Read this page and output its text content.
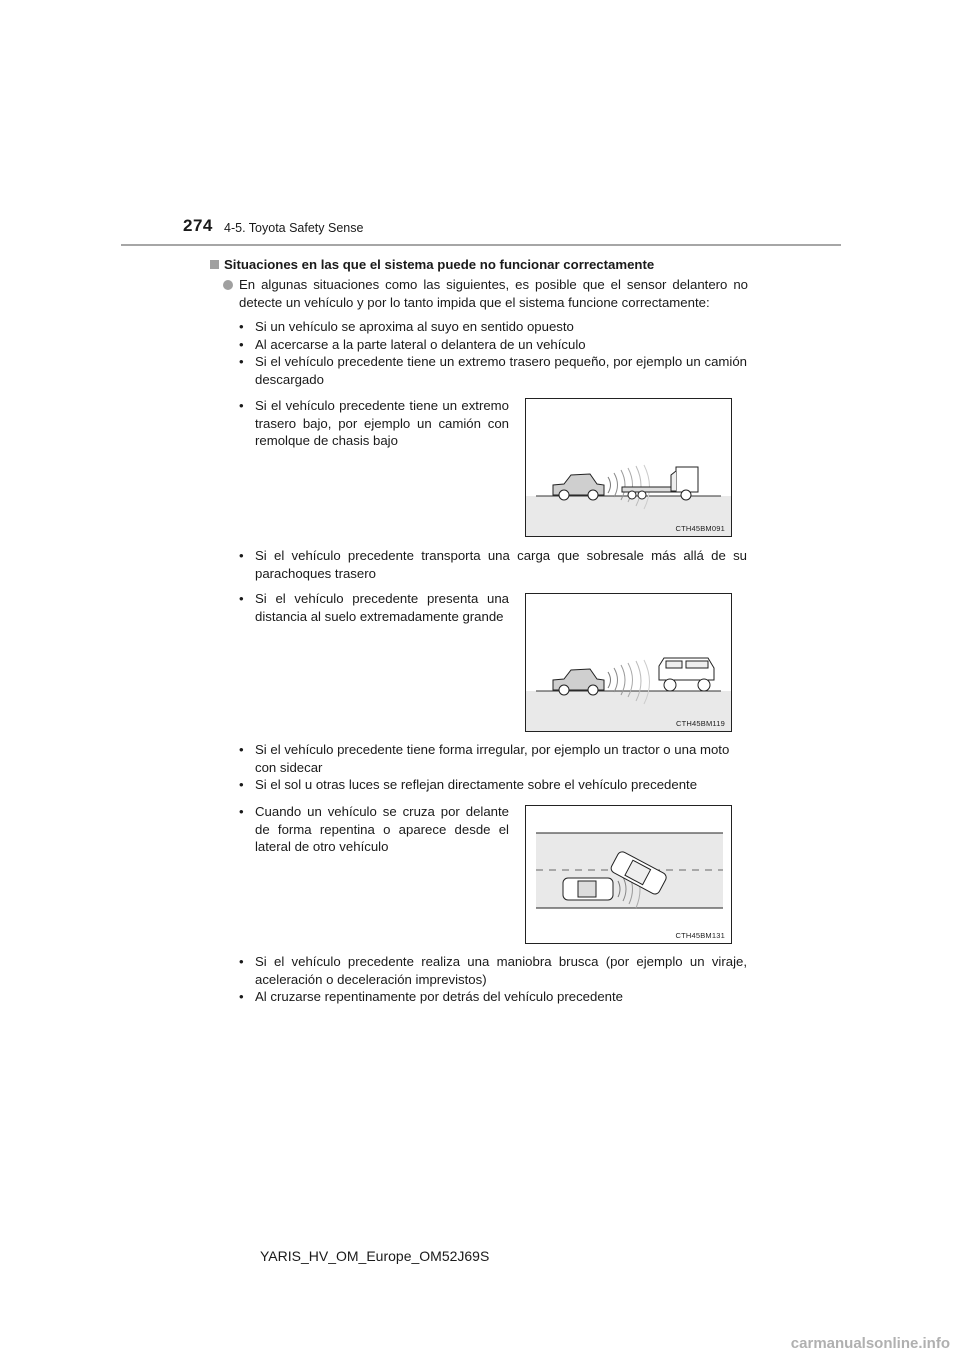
274 4-5. Toyota Safety Sense
Situaciones en las que el sistema puede no funcionar correctamente
En algunas situaciones como las siguientes, es posible que el sensor delantero no detecte un vehículo y por lo tanto impida que el sistema funcione correctamente:
• Si un vehículo se aproxima al suyo en sentido opuesto
• Al acercarse a la parte lateral o delantera de un vehículo
• Si el vehículo precedente tiene un extremo trasero pequeño, por ejemplo un camión descargado
• Si el vehículo precedente tiene un extremo trasero bajo, por ejemplo un camión con remolque de chasis bajo
CTH45BM091
• Si el vehículo precedente transporta una carga que sobresale más allá de su parachoques trasero
• Si el vehículo precedente presenta una distancia al suelo extremadamente grande
CTH45BM119
• Si el vehículo precedente tiene forma irregular, por ejemplo un tractor o una moto con sidecar
• Si el sol u otras luces se reflejan directamente sobre el vehículo precedente
• Cuando un vehículo se cruza por delante de forma repentina o aparece desde el lateral de otro vehículo
CTH45BM131
• Si el vehículo precedente realiza una maniobra brusca (por ejemplo un viraje, aceleración o deceleración imprevistos)
• Al cruzarse repentinamente por detrás del vehículo precedente
YARIS_HV_OM_Europe_OM52J69S
carmanualsonline.info
